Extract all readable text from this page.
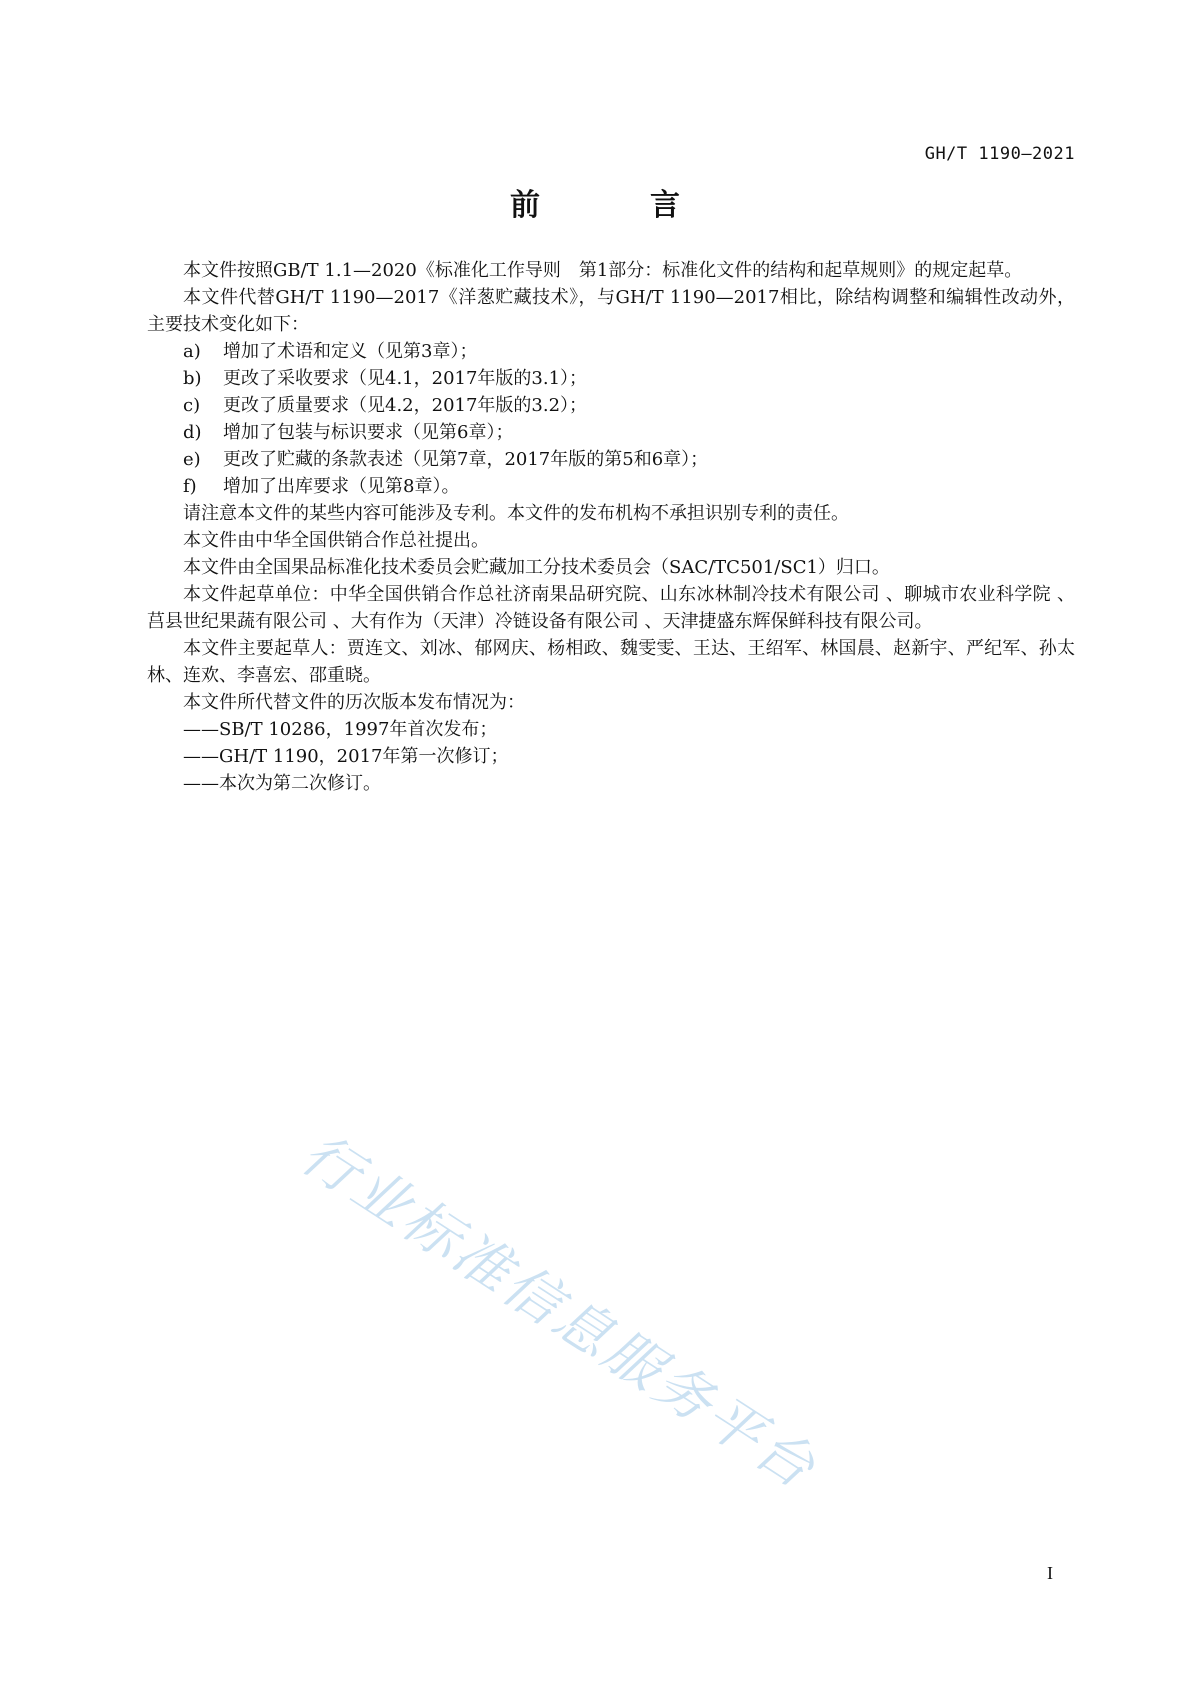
GH/T 1190—2021
前　言

本文件按照GB/T 1.1—2020《标准化工作导则　第1部分：标准化文件的结构和起草规则》的规定起草。

本文件代替GH/T 1190—2017《洋葱贮藏技术》，与GH/T 1190—2017相比，除结构调整和编辑性改动外，主要技术变化如下：

a) 增加了术语和定义（见第3章）；
b) 更改了采收要求（见4.1，2017年版的3.1）；
c) 更改了质量要求（见4.2，2017年版的3.2）；
d) 增加了包装与标识要求（见第6章）；
e) 更改了贮藏的条款表述（见第7章，2017年版的第5和6章）；
f) 增加了出库要求（见第8章）。

请注意本文件的某些内容可能涉及专利。本文件的发布机构不承担识别专利的责任。

本文件由中华全国供销合作总社提出。

本文件由全国果品标准化技术委员会贮藏加工分技术委员会（SAC/TC501/SC1）归口。

本文件起草单位：中华全国供销合作总社济南果品研究院、山东冰林制冷技术有限公司 、聊城市农业科学院 、莒县世纪果蔬有限公司 、大有作为（天津）冷链设备有限公司 、天津捷盛东辉保鲜科技有限公司。

本文件主要起草人：贾连文、刘冰、郁网庆、杨相政、魏雯雯、王达、王绍军、林国晨、赵新宇、严纪军、孙太林、连欢、李喜宏、邵重晓。

本文件所代替文件的历次版本发布情况为：

——SB/T 10286，1997年首次发布；

——GH/T 1190，2017年第一次修订；

——本次为第二次修订。

行业标准信息服务平台
I
